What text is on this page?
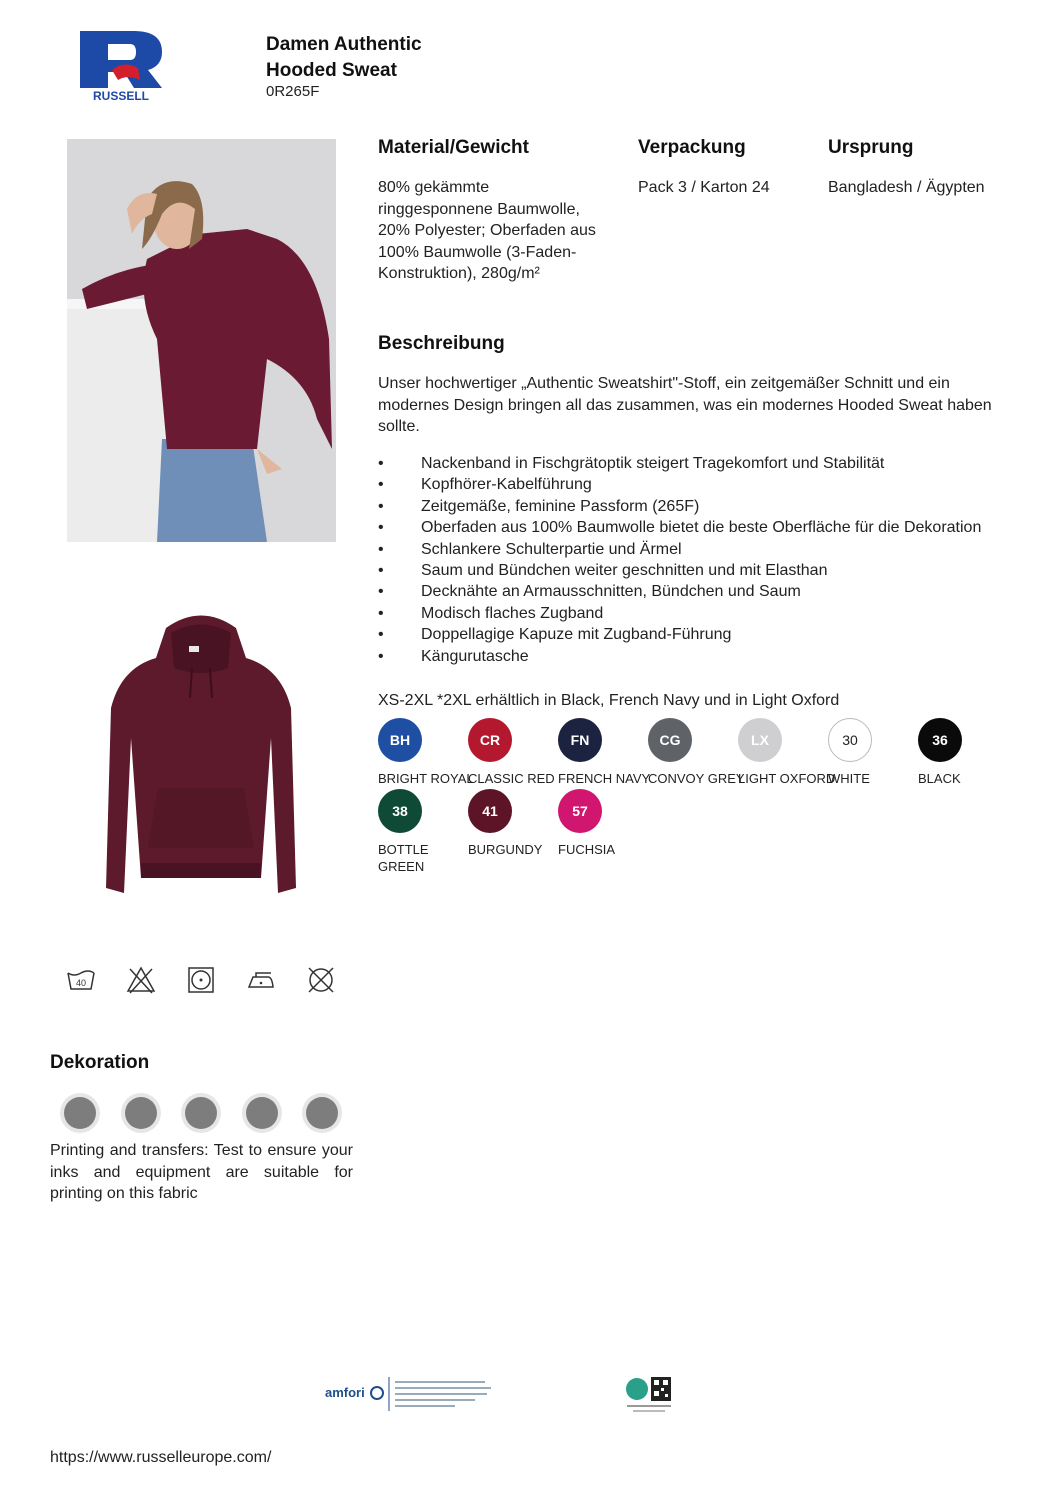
RUSSELL
Damen Authentic
Hooded Sweat
0R265F
Material/Gewicht
80% gekämmte ringgesponnene Baumwolle, 20% Polyester; Oberfaden aus 100% Baumwolle (3-Faden-Konstruktion), 280g/m²
Verpackung
Pack 3 / Karton 24
Ursprung
Bangladesh / Ägypten
Beschreibung
Unser hochwertiger „Authentic Sweatshirt"-Stoff, ein zeitgemäßer Schnitt und ein modernes Design bringen all das zusammen, was ein modernes Hooded Sweat haben sollte.
• Nackenband in Fischgrätoptik steigert Tragekomfort und Stabilität
• Kopfhörer-Kabelführung
• Zeitgemäße, feminine Passform (265F)
• Oberfaden aus 100% Baumwolle bietet die beste Oberfläche für die Dekoration
• Schlankere Schulterpartie und Ärmel
• Saum und Bündchen weiter geschnitten und mit Elasthan
• Decknähte an Armausschnitten, Bündchen und Saum
• Modisch flaches Zugband
• Doppellagige Kapuze mit Zugband-Führung
• Kängurutasche
XS-2XL *2XL erhältlich in Black, French Navy und in Light Oxford
BH
BRIGHT ROYAL
CR
CLASSIC RED
FN
FRENCH NAVY
CG
CONVOY GREY
LX
LIGHT OXFORD
30
WHITE
36
BLACK
38
BOTTLE GREEN
41
BURGUNDY
57
FUCHSIA
40
Dekoration
Printing and transfers: Test to ensure your inks and equipment are suitable for printing on this fabric
amfori
https://www.russelleurope.com/
